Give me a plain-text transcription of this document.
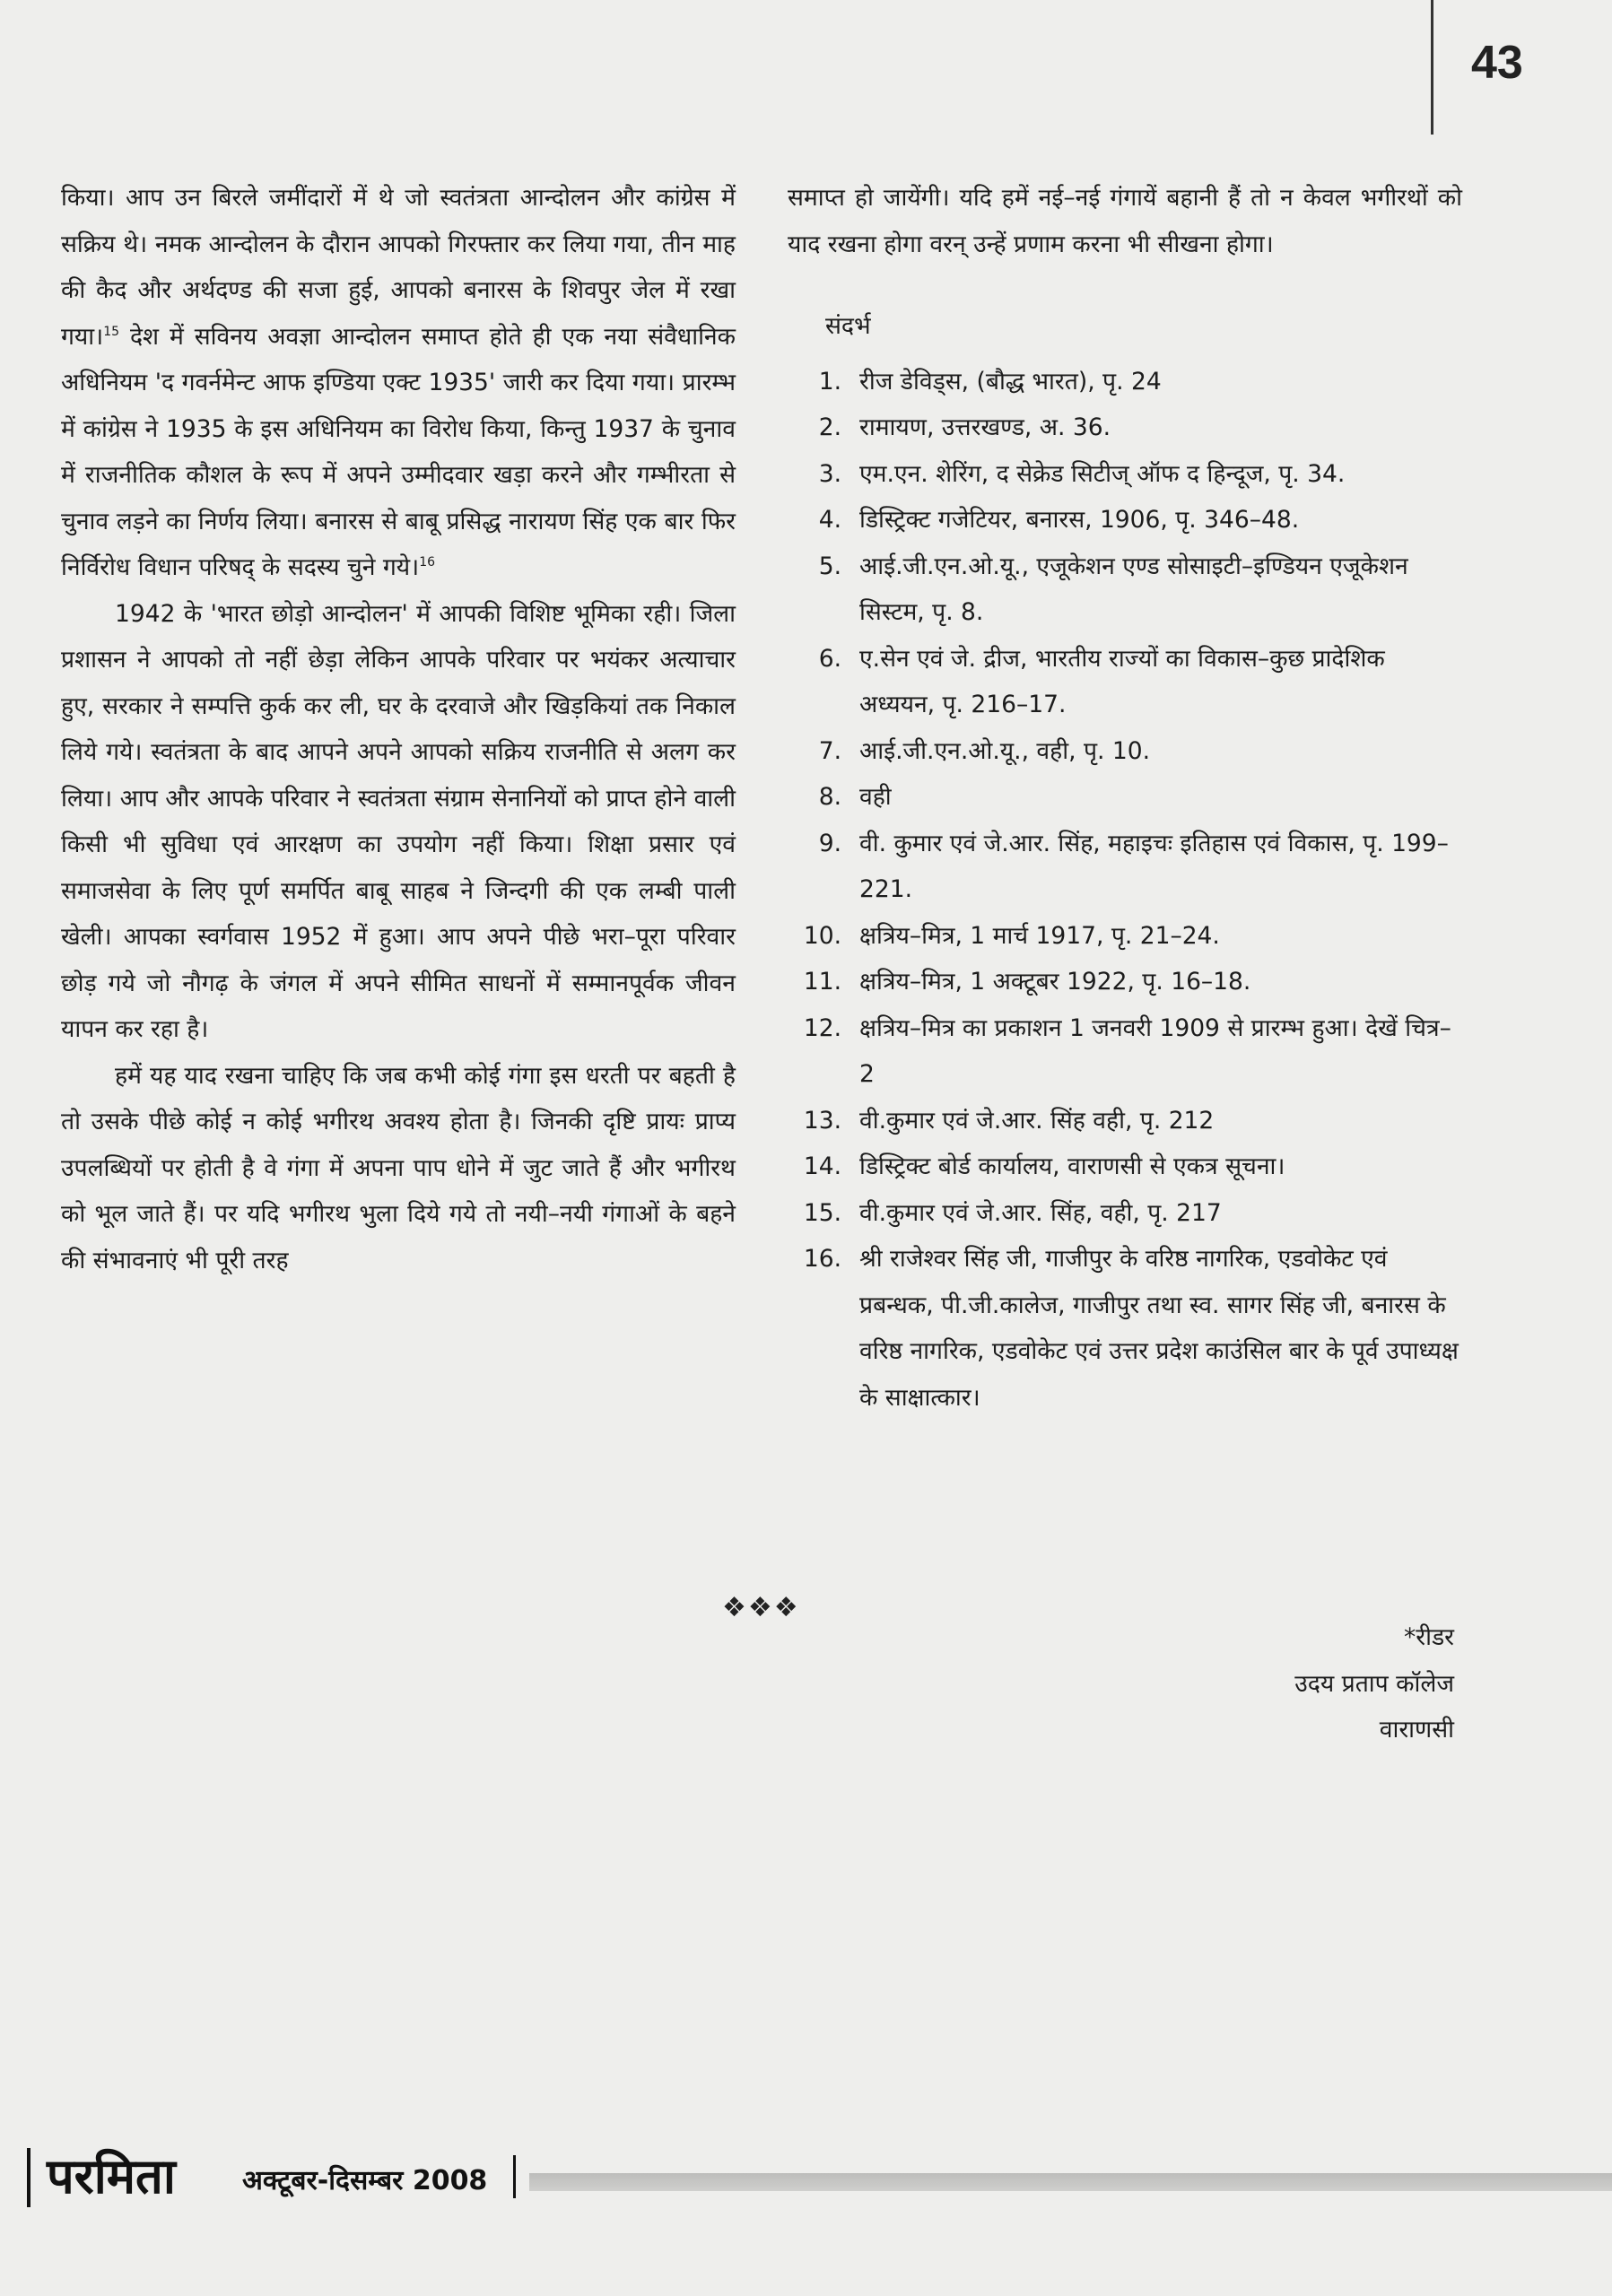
43

किया। आप उन बिरले जमींदारों में थे जो स्वतंत्रता आन्दोलन और कांग्रेस में सक्रिय थे। नमक आन्दोलन के दौरान आपको गिरफ्तार कर लिया गया, तीन माह की कैद और अर्थदण्ड की सजा हुई, आपको बनारस के शिवपुर जेल में रखा गया।$^{15}$ देश में सविनय अवज्ञा आन्दोलन समाप्त होते ही एक नया संवैधानिक अधिनियम 'द गवर्नमेन्ट आफ इण्डिया एक्ट 1935' जारी कर दिया गया। प्रारम्भ में कांग्रेस ने 1935 के इस अधिनियम का विरोध किया, किन्तु 1937 के चुनाव में राजनीतिक कौशल के रूप में अपने उम्मीदवार खड़ा करने और गम्भीरता से चुनाव लड़ने का निर्णय लिया। बनारस से बाबू प्रसिद्ध नारायण सिंह एक बार फिर निर्विरोध विधान परिषद् के सदस्य चुने गये।$^{16}$

1942 के 'भारत छोड़ो आन्दोलन' में आपकी विशिष्ट भूमिका रही। जिला प्रशासन ने आपको तो नहीं छेड़ा लेकिन आपके परिवार पर भयंकर अत्याचार हुए, सरकार ने सम्पत्ति कुर्क कर ली, घर के दरवाजे और खिड़कियां तक निकाल लिये गये। स्वतंत्रता के बाद आपने अपने आपको सक्रिय राजनीति से अलग कर लिया। आप और आपके परिवार ने स्वतंत्रता संग्राम सेनानियों को प्राप्त होने वाली किसी भी सुविधा एवं आरक्षण का उपयोग नहीं किया। शिक्षा प्रसार एवं समाजसेवा के लिए पूर्ण समर्पित बाबू साहब ने जिन्दगी की एक लम्बी पाली खेली। आपका स्वर्गवास 1952 में हुआ। आप अपने पीछे भरा–पूरा परिवार छोड़ गये जो नौगढ़ के जंगल में अपने सीमित साधनों में सम्मानपूर्वक जीवन यापन कर रहा है।

हमें यह याद रखना चाहिए कि जब कभी कोई गंगा इस धरती पर बहती है तो उसके पीछे कोई न कोई भगीरथ अवश्य होता है। जिनकी दृष्टि प्रायः प्राप्य उपलब्धियों पर होती है वे गंगा में अपना पाप धोने में जुट जाते हैं और भगीरथ को भूल जाते हैं। पर यदि भगीरथ भुला दिये गये तो नयी–नयी गंगाओं के बहने की संभावनाएं भी पूरी तरह

समाप्त हो जायेंगी। यदि हमें नई–नई गंगायें बहानी हैं तो न केवल भगीरथों को याद रखना होगा वरन् उन्हें प्रणाम करना भी सीखना होगा।

संदर्भ
1. रीज डेविड्स, (बौद्ध भारत), पृ. 24
2. रामायण, उत्तरखण्ड, अ. 36.
3. एम.एन. शेरिंग, द सेक्रेड सिटीज् ऑफ द हिन्दूज, पृ. 34.
4. डिस्ट्रिक्ट गजेटियर, बनारस, 1906, पृ. 346–48.
5. आई.जी.एन.ओ.यू., एजूकेशन एण्ड सोसाइटी–इण्डियन एजूकेशन सिस्टम, पृ. 8.
6. ए.सेन एवं जे. द्रीज, भारतीय राज्यों का विकास–कुछ प्रादेशिक अध्ययन, पृ. 216–17.
7. आई.जी.एन.ओ.यू., वही, पृ. 10.
8. वही
9. वी. कुमार एवं जे.आर. सिंह, महाइचः इतिहास एवं विकास, पृ. 199–221.
10. क्षत्रिय–मित्र, 1 मार्च 1917, पृ. 21–24.
11. क्षत्रिय–मित्र, 1 अक्टूबर 1922, पृ. 16–18.
12. क्षत्रिय–मित्र का प्रकाशन 1 जनवरी 1909 से प्रारम्भ हुआ। देखें चित्र–2
13. वी.कुमार एवं जे.आर. सिंह वही, पृ. 212
14. डिस्ट्रिक्ट बोर्ड कार्यालय, वाराणसी से एकत्र सूचना।
15. वी.कुमार एवं जे.आर. सिंह, वही, पृ. 217
16. श्री राजेश्वर सिंह जी, गाजीपुर के वरिष्ठ नागरिक, एडवोकेट एवं प्रबन्धक, पी.जी.कालेज, गाजीपुर तथा स्व. सागर सिंह जी, बनारस के वरिष्ठ नागरिक, एडवोकेट एवं उत्तर प्रदेश काउंसिल बार के पूर्व उपाध्यक्ष के साक्षात्कार।
❖❖❖
*रीडर
उदय प्रताप कॉलेज
वाराणसी
परमिता अक्टूबर-दिसम्बर 2008
